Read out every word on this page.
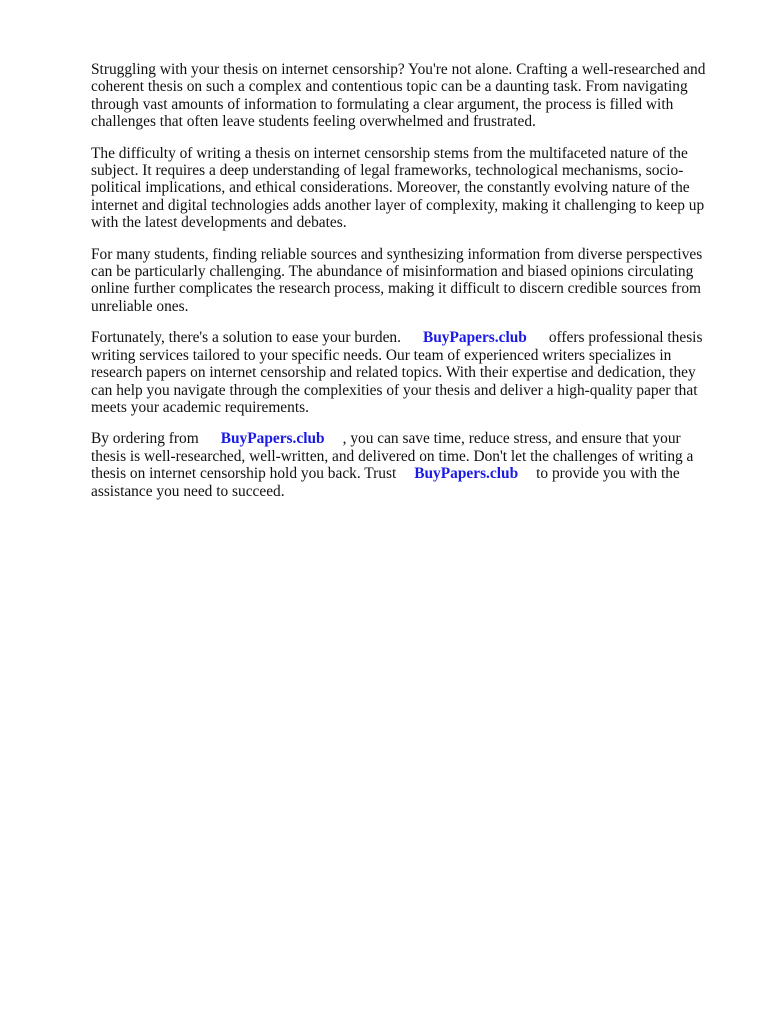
Struggling with your thesis on internet censorship? You're not alone. Crafting a well-researched and coherent thesis on such a complex and contentious topic can be a daunting task. From navigating through vast amounts of information to formulating a clear argument, the process is filled with challenges that often leave students feeling overwhelmed and frustrated.

The difficulty of writing a thesis on internet censorship stems from the multifaceted nature of the subject. It requires a deep understanding of legal frameworks, technological mechanisms, socio-political implications, and ethical considerations. Moreover, the constantly evolving nature of the internet and digital technologies adds another layer of complexity, making it challenging to keep up with the latest developments and debates.

For many students, finding reliable sources and synthesizing information from diverse perspectives can be particularly challenging. The abundance of misinformation and biased opinions circulating online further complicates the research process, making it difficult to discern credible sources from unreliable ones.

Fortunately, there's a solution to ease your burden. BuyPapers.club offers professional thesis writing services tailored to your specific needs. Our team of experienced writers specializes in research papers on internet censorship and related topics. With their expertise and dedication, they can help you navigate through the complexities of your thesis and deliver a high-quality paper that meets your academic requirements.

By ordering from BuyPapers.club , you can save time, reduce stress, and ensure that your thesis is well-researched, well-written, and delivered on time. Don't let the challenges of writing a thesis on internet censorship hold you back. Trust BuyPapers.club to provide you with the assistance you need to succeed.
